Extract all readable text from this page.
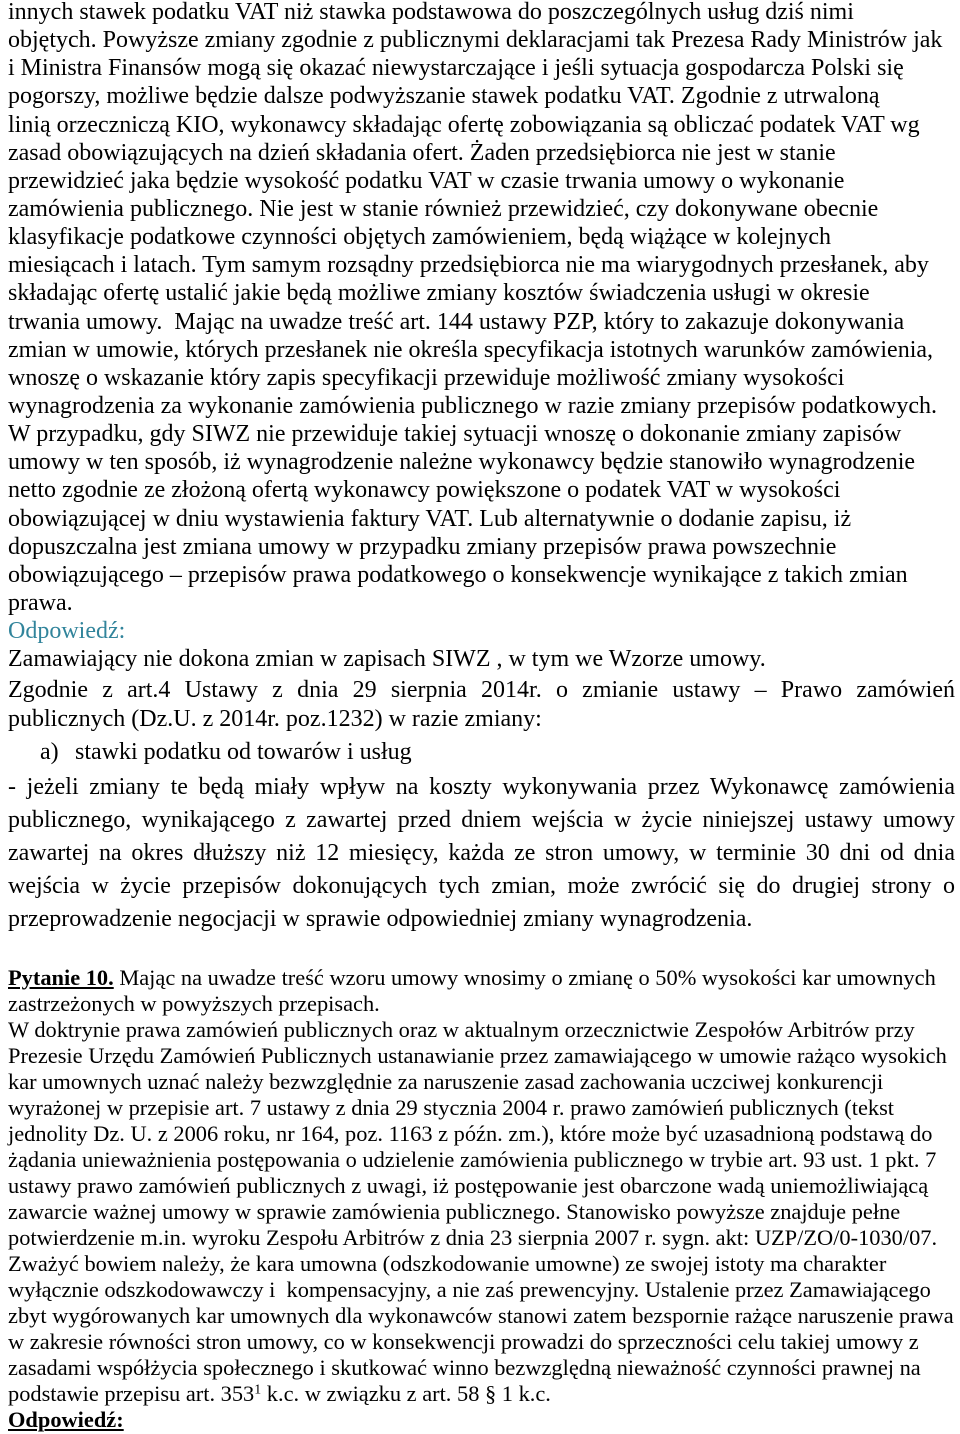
innych stawek podatku VAT niż stawka podstawowa do poszczególnych usług dziś nimi
objętych. Powyższe zmiany zgodnie z publicznymi deklaracjami tak Prezesa Rady Ministrów jak
i Ministra Finansów mogą się okazać niewystarczające i jeśli sytuacja gospodarcza Polski się
pogorszy, możliwe będzie dalsze podwyższanie stawek podatku VAT. Zgodnie z utrwaloną
linią orzeczniczą KIO, wykonawcy składając ofertę zobowiązania są obliczać podatek VAT wg
zasad obowiązujących na dzień składania ofert. Żaden przedsiębiorca nie jest w stanie
przewidzieć jaka będzie wysokość podatku VAT w czasie trwania umowy o wykonanie
zamówienia publicznego. Nie jest w stanie również przewidzieć, czy dokonywane obecnie
klasyfikacje podatkowe czynności objętych zamówieniem, będą wiążące w kolejnych
miesiącach i latach. Tym samym rozsądny przedsiębiorca nie ma wiarygodnych przesłanek, aby
składając ofertę ustalić jakie będą możliwe zmiany kosztów świadczenia usługi w okresie
trwania umowy.  Mając na uwadze treść art. 144 ustawy PZP, który to zakazuje dokonywania
zmian w umowie, których przesłanek nie określa specyfikacja istotnych warunków zamówienia,
wnoszę o wskazanie który zapis specyfikacji przewiduje możliwość zmiany wysokości
wynagrodzenia za wykonanie zamówienia publicznego w razie zmiany przepisów podatkowych.
W przypadku, gdy SIWZ nie przewiduje takiej sytuacji wnoszę o dokonanie zmiany zapisów
umowy w ten sposób, iż wynagrodzenie należne wykonawcy będzie stanowiło wynagrodzenie
netto zgodnie ze złożoną ofertą wykonawcy powiększone o podatek VAT w wysokości
obowiązującej w dniu wystawienia faktury VAT. Lub alternatywnie o dodanie zapisu, iż
dopuszczalna jest zmiana umowy w przypadku zmiany przepisów prawa powszechnie
obowiązującego – przepisów prawa podatkowego o konsekwencje wynikające z takich zmian
prawa.
Odpowiedź:
Zamawiający nie dokona zmian w zapisach SIWZ , w tym we Wzorze umowy.
Zgodnie z art.4 Ustawy z dnia 29 sierpnia 2014r. o zmianie ustawy – Prawo zamówień
publicznych (Dz.U. z 2014r. poz.1232) w razie zmiany:
a) stawki podatku od towarów i usług
- jeżeli zmiany te będą miały wpływ na koszty wykonywania przez Wykonawcę zamówienia
publicznego, wynikającego z zawartej przed dniem wejścia w życie niniejszej ustawy umowy
zawartej na okres dłuższy niż 12 miesięcy, każda ze stron umowy, w terminie 30 dni od dnia
wejścia w życie przepisów dokonujących tych zmian, może zwrócić się do drugiej strony o
przeprowadzenie negocjacji w sprawie odpowiedniej zmiany wynagrodzenia.
Pytanie 10. Mając na uwadze treść wzoru umowy wnosimy o zmianę o 50% wysokości kar umownych
zastrzeżonych w powyższych przepisach.
W doktrynie prawa zamówień publicznych oraz w aktualnym orzecznictwie Zespołów Arbitrów przy
Prezesie Urzędu Zamówień Publicznych ustanawianie przez zamawiającego w umowie rażąco wysokich
kar umownych uznać należy bezwzględnie za naruszenie zasad zachowania uczciwej konkurencji
wyrażonej w przepisie art. 7 ustawy z dnia 29 stycznia 2004 r. prawo zamówień publicznych (tekst
jednolity Dz. U. z 2006 roku, nr 164, poz. 1163 z późn. zm.), które może być uzasadnioną podstawą do
żądania unieważnienia postępowania o udzielenie zamówienia publicznego w trybie art. 93 ust. 1 pkt. 7
ustawy prawo zamówień publicznych z uwagi, iż postępowanie jest obarczone wadą uniemożliwiającą
zawarcie ważnej umowy w sprawie zamówienia publicznego. Stanowisko powyższe znajduje pełne
potwierdzenie m.in. wyroku Zespołu Arbitrów z dnia 23 sierpnia 2007 r. sygn. akt: UZP/ZO/0-1030/07.
Zważyć bowiem należy, że kara umowna (odszkodowanie umowne) ze swojej istoty ma charakter
wyłącznie odszkodowawczy i  kompensacyjny, a nie zaś prewencyjny. Ustalenie przez Zamawiającego
zbyt wygórowanych kar umownych dla wykonawców stanowi zatem bezspornie rażące naruszenie prawa
w zakresie równości stron umowy, co w konsekwencji prowadzi do sprzeczności celu takiej umowy z
zasadami współżycia społecznego i skutkować winno bezwzględną nieważność czynności prawnej na
podstawie przepisu art. $353^1$ k.c. w związku z art. 58 § 1 k.c.
Odpowiedź:
